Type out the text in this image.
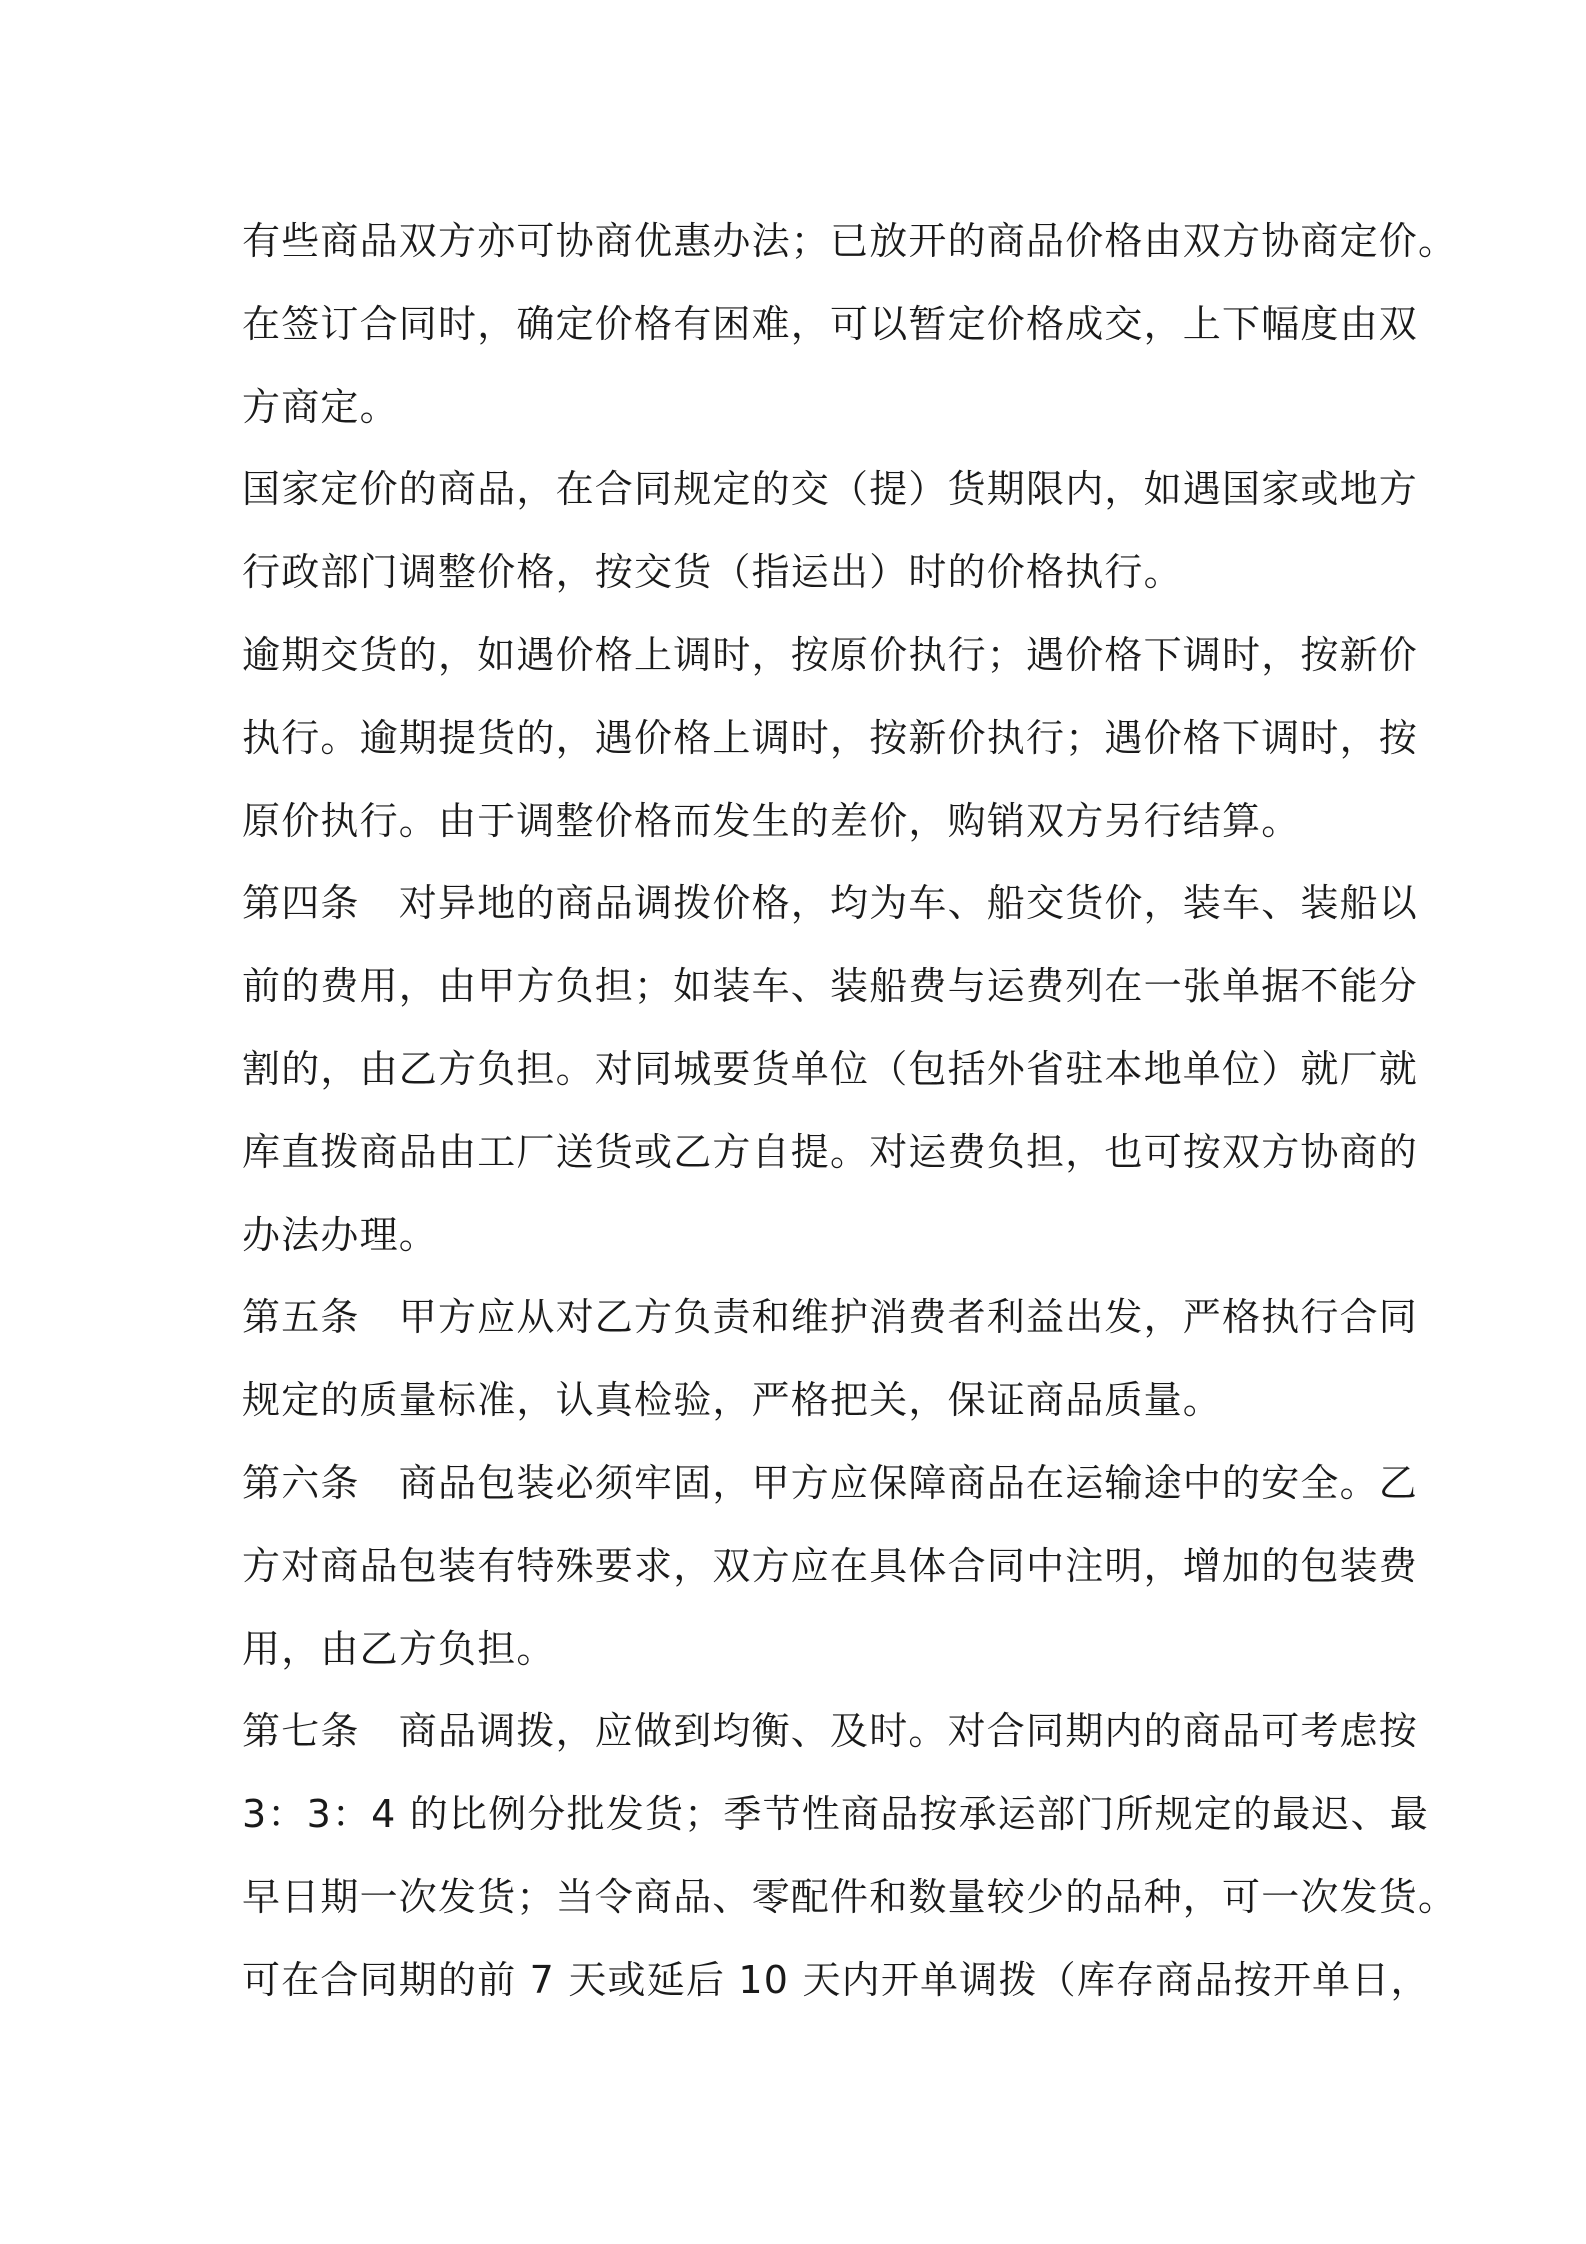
有些商品双方亦可协商优惠办法；已放开的商品价格由双方协商定价。
在签订合同时，确定价格有困难，可以暂定价格成交，上下幅度由双
方商定。
国家定价的商品，在合同规定的交（提）货期限内，如遇国家或地方
行政部门调整价格，按交货（指运出）时的价格执行。
逾期交货的，如遇价格上调时，按原价执行；遇价格下调时，按新价
执行。逾期提货的，遇价格上调时，按新价执行；遇价格下调时，按
原价执行。由于调整价格而发生的差价，购销双方另行结算。
第四条　对异地的商品调拨价格，均为车、船交货价，装车、装船以
前的费用，由甲方负担；如装车、装船费与运费列在一张单据不能分
割的，由乙方负担。对同城要货单位（包括外省驻本地单位）就厂就
库直拨商品由工厂送货或乙方自提。对运费负担，也可按双方协商的
办法办理。
第五条　甲方应从对乙方负责和维护消费者利益出发，严格执行合同
规定的质量标准，认真检验，严格把关，保证商品质量。
第六条　商品包装必须牢固，甲方应保障商品在运输途中的安全。乙
方对商品包装有特殊要求，双方应在具体合同中注明，增加的包装费
用，由乙方负担。
第七条　商品调拨，应做到均衡、及时。对合同期内的商品可考虑按
3：3：4 的比例分批发货；季节性商品按承运部门所规定的最迟、最
早日期一次发货；当令商品、零配件和数量较少的品种，可一次发货。
可在合同期的前 7 天或延后 10 天内开单调拨（库存商品按开单日，
